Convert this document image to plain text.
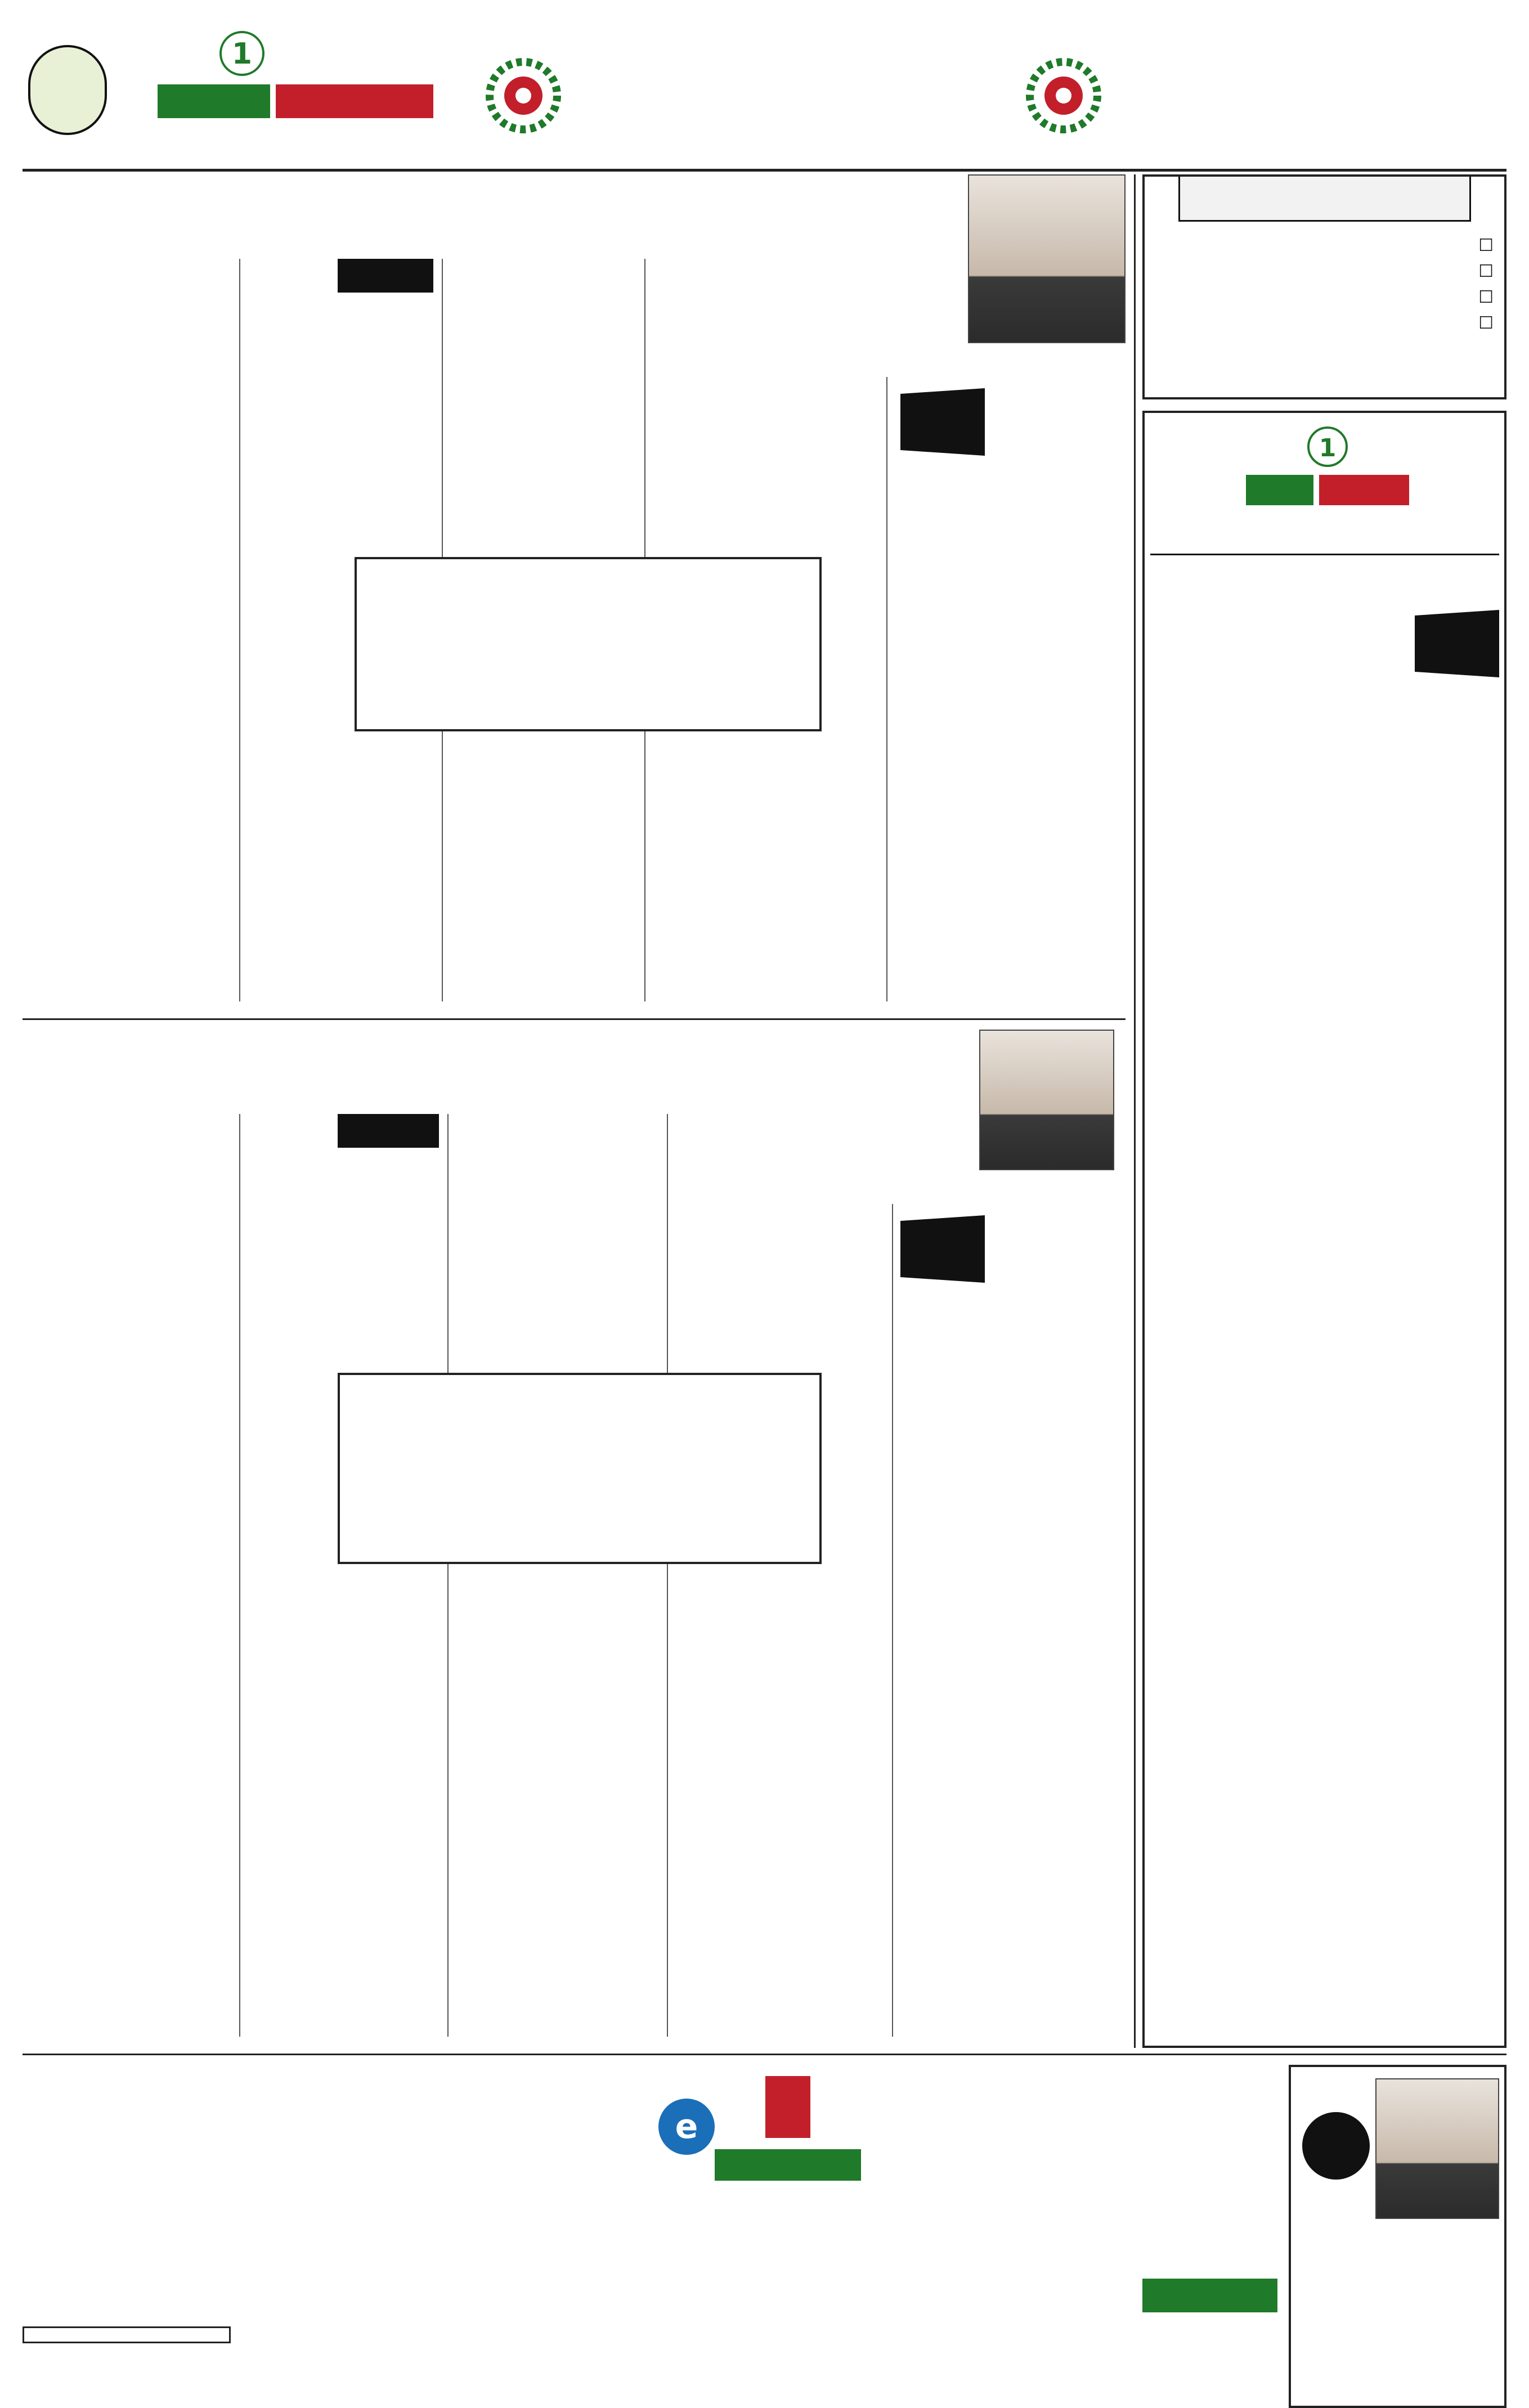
1
☐
☐
☐
☐
1
e
